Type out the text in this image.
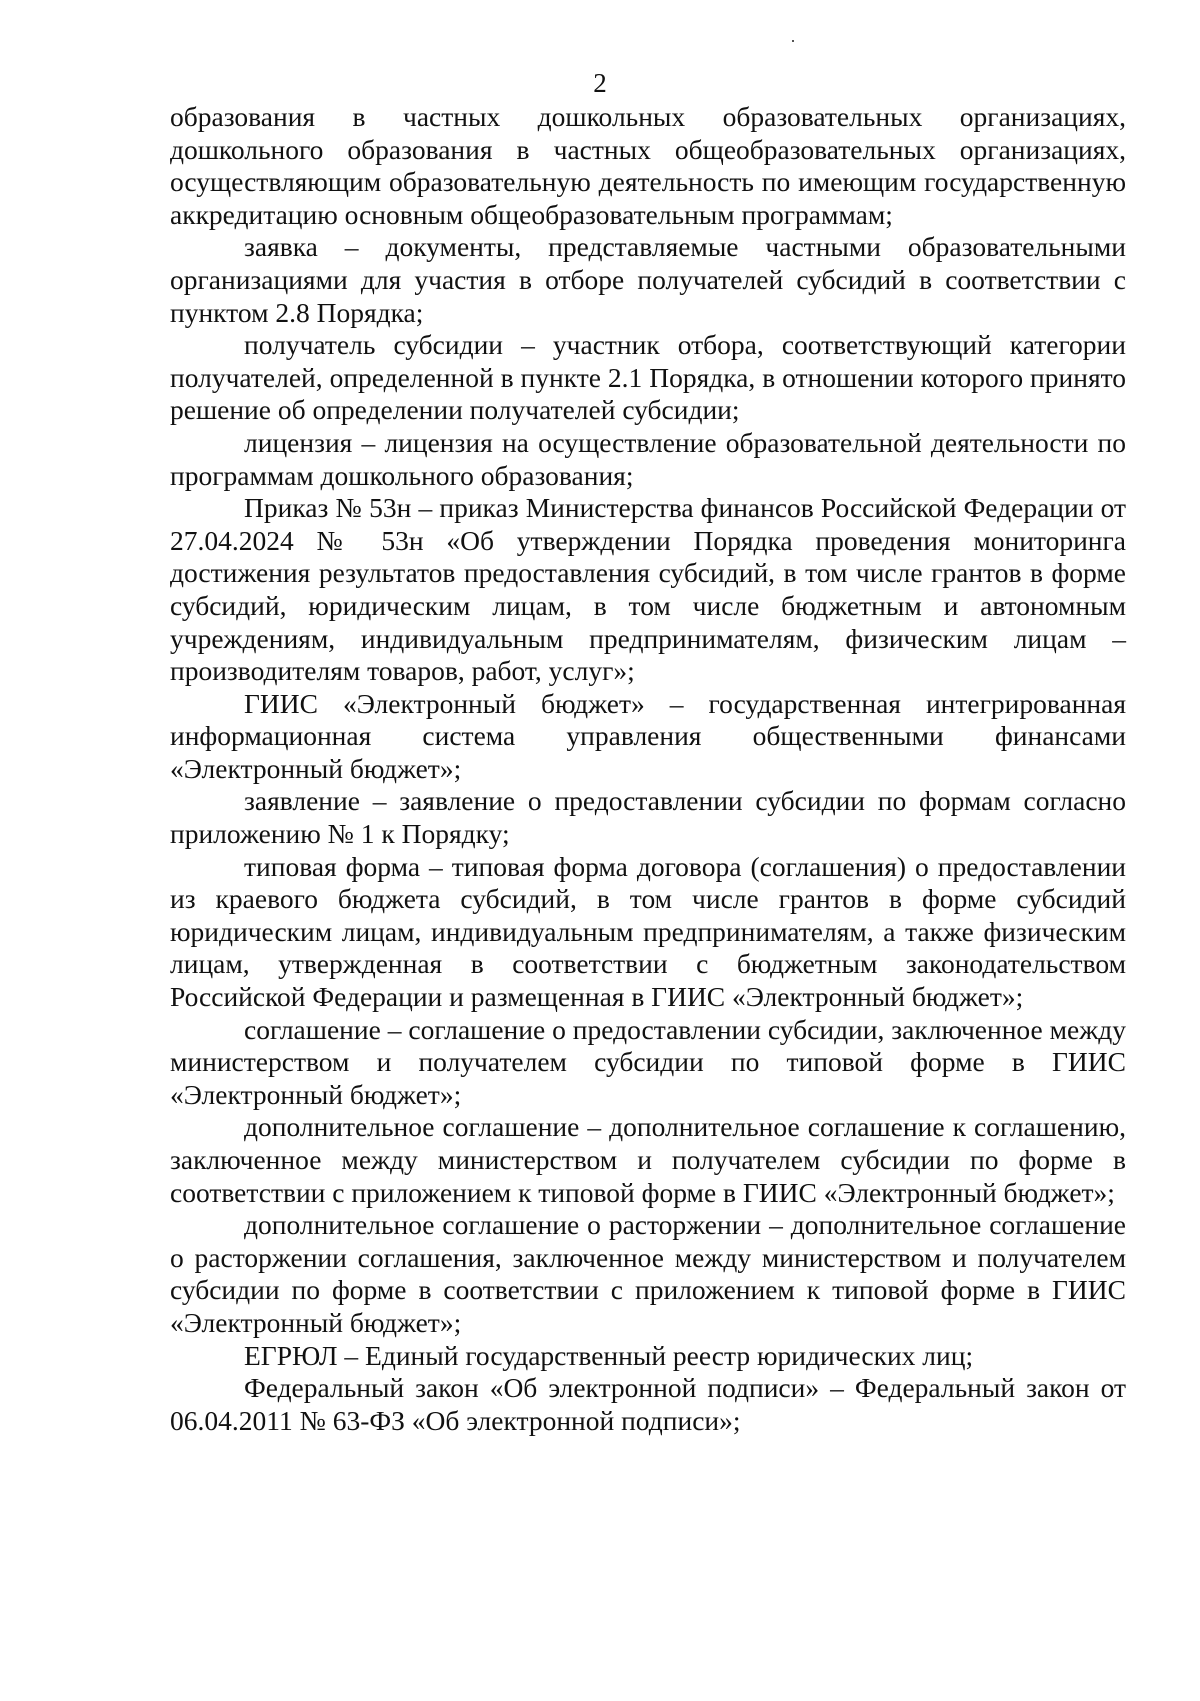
2

образования в частных дошкольных образовательных организациях, дошкольного образования в частных общеобразовательных организациях, осуществляющим образовательную деятельность по имеющим государственную аккредитацию основным общеобразовательным программам;

заявка – документы, представляемые частными образовательными организациями для участия в отборе получателей субсидий в соответствии с пунктом 2.8 Порядка;

получатель субсидии – участник отбора, соответствующий категории получателей, определенной в пункте 2.1 Порядка, в отношении которого принято решение об определении получателей субсидии;

лицензия – лицензия на осуществление образовательной деятельности по программам дошкольного образования;

Приказ № 53н – приказ Министерства финансов Российской Федерации от 27.04.2024 № 53н «Об утверждении Порядка проведения мониторинга достижения результатов предоставления субсидий, в том числе грантов в форме субсидий, юридическим лицам, в том числе бюджетным и автономным учреждениям, индивидуальным предпринимателям, физическим лицам – производителям товаров, работ, услуг»;

ГИИС «Электронный бюджет» – государственная интегрированная информационная система управления общественными финансами «Электронный бюджет»;

заявление – заявление о предоставлении субсидии по формам согласно приложению № 1 к Порядку;

типовая форма – типовая форма договора (соглашения) о предоставлении из краевого бюджета субсидий, в том числе грантов в форме субсидий юридическим лицам, индивидуальным предпринимателям, а также физическим лицам, утвержденная в соответствии с бюджетным законодательством Российской Федерации и размещенная в ГИИС «Электронный бюджет»;

соглашение – соглашение о предоставлении субсидии, заключенное между министерством и получателем субсидии по типовой форме в ГИИС «Электронный бюджет»;

дополнительное соглашение – дополнительное соглашение к соглашению, заключенное между министерством и получателем субсидии по форме в соответствии с приложением к типовой форме в ГИИС «Электронный бюджет»;

дополнительное соглашение о расторжении – дополнительное соглашение о расторжении соглашения, заключенное между министерством и получателем субсидии по форме в соответствии с приложением к типовой форме в ГИИС «Электронный бюджет»;

ЕГРЮЛ – Единый государственный реестр юридических лиц;

Федеральный закон «Об электронной подписи» – Федеральный закон от 06.04.2011 № 63-ФЗ «Об электронной подписи»;
